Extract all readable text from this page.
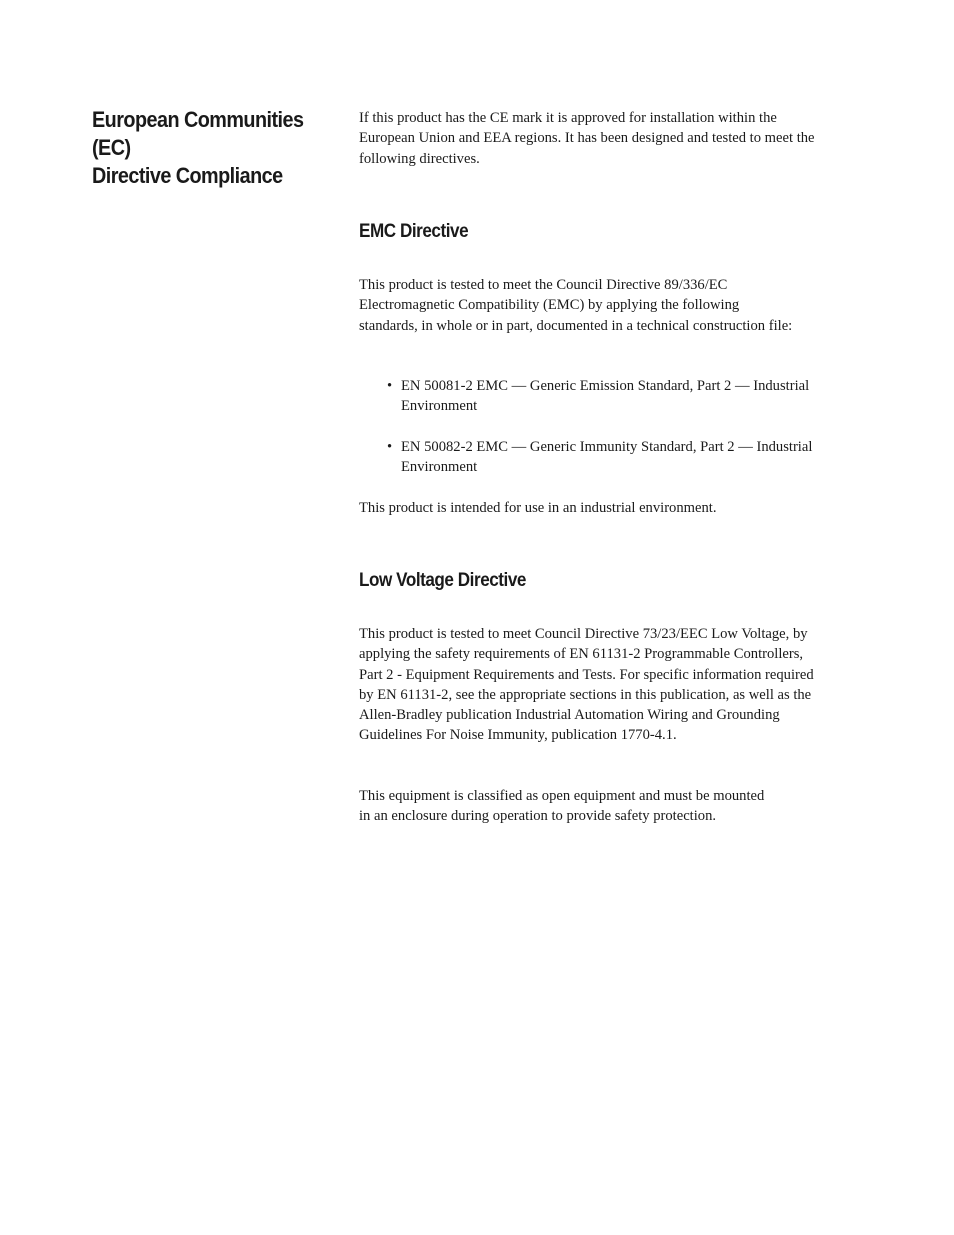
European Communities (EC)
Directive Compliance

If this product has the CE mark it is approved for installation within the European Union and EEA regions. It has been designed and tested to meet the following directives.

EMC Directive

This product is tested to meet the Council Directive 89/336/EC Electromagnetic Compatibility (EMC) by applying the following standards, in whole or in part, documented in a technical construction file:

• EN 50081-2 EMC — Generic Emission Standard, Part 2 — Industrial Environment
• EN 50082-2 EMC — Generic Immunity Standard, Part 2 — Industrial Environment

This product is intended for use in an industrial environment.

Low Voltage Directive

This product is tested to meet Council Directive 73/23/EEC Low Voltage, by applying the safety requirements of EN 61131-2 Programmable Controllers, Part 2 - Equipment Requirements and Tests. For specific information required by EN 61131-2, see the appropriate sections in this publication, as well as the Allen-Bradley publication Industrial Automation Wiring and Grounding Guidelines For Noise Immunity, publication 1770-4.1.

This equipment is classified as open equipment and must be mounted in an enclosure during operation to provide safety protection.
